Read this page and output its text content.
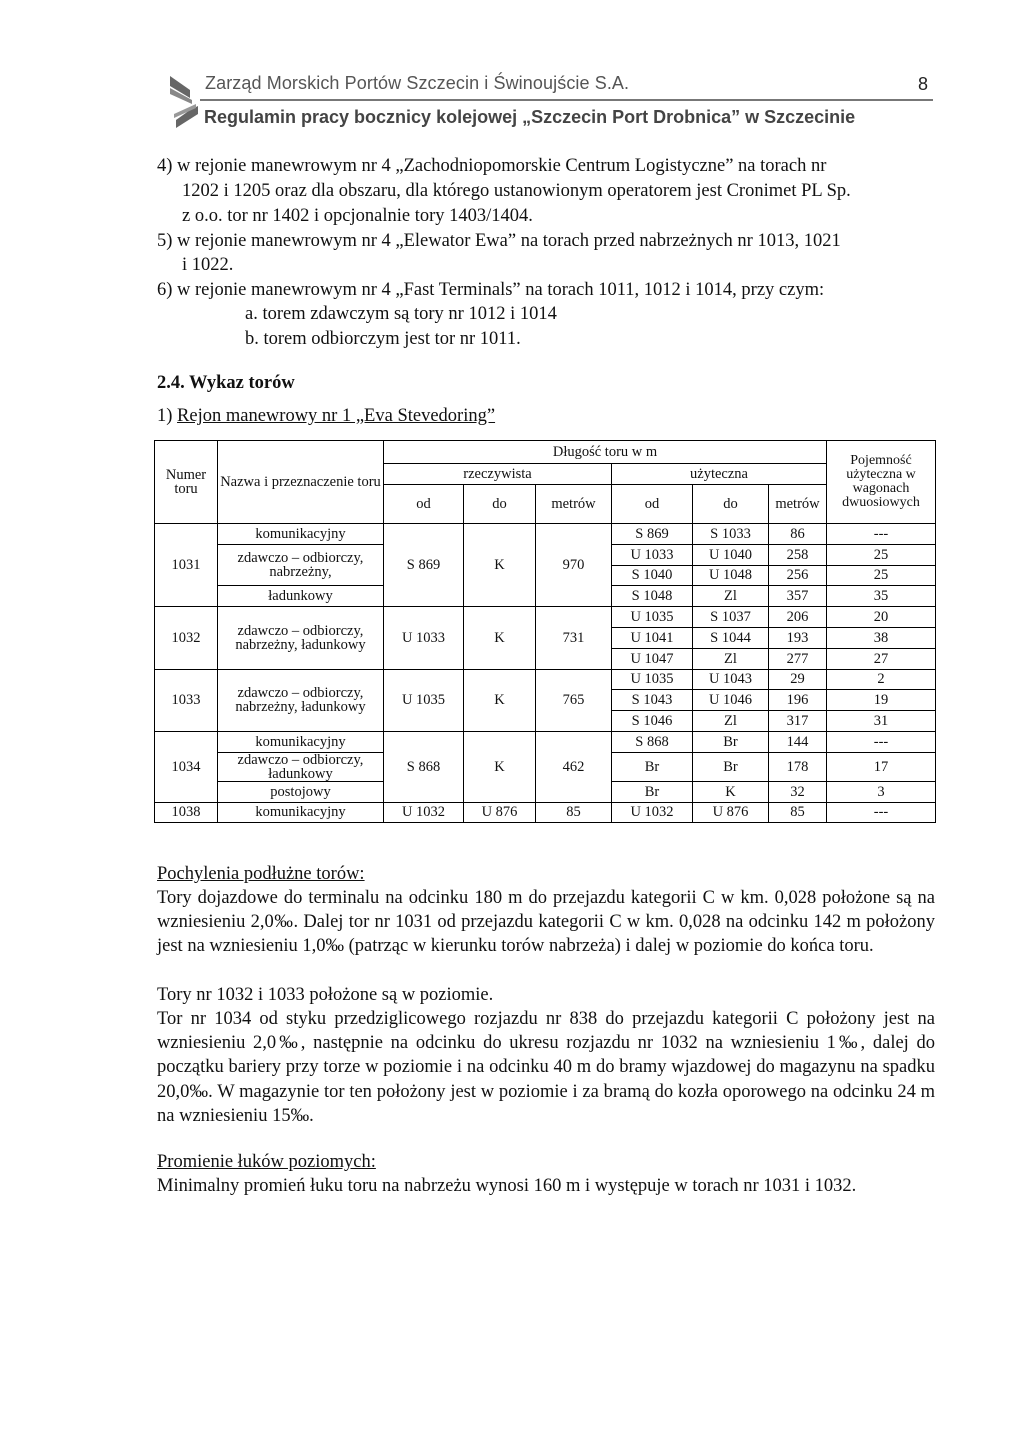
Zarząd Morskich Portów Szczecin i Świnoujście S.A.	8
Regulamin pracy bocznicy kolejowej „Szczecin Port Drobnica” w Szczecinie
4) w rejonie manewrowym nr 4 „Zachodniopomorskie Centrum Logistyczne” na torach nr
1202 i 1205 oraz dla obszaru, dla którego ustanowionym operatorem jest Cronimet PL Sp.
z o.o. tor nr 1402 i opcjonalnie tory 1403/1404.
5) w rejonie manewrowym nr 4 „Elewator Ewa” na torach przed nabrzeżnych nr 1013, 1021
i 1022.
6) w rejonie manewrowym nr 4 „Fast Terminals” na torach 1011, 1012 i 1014, przy czym:
a. torem zdawczym są tory nr 1012 i 1014
b. torem odbiorczym jest tor nr 1011.
2.4. Wykaz torów
1) Rejon manewrowy nr 1 „Eva Stevedoring”
Numer toru	Nazwa i przeznaczenie toru	Długość toru w m						Pojemność użyteczna w wagonach dwuosiowych
		rzeczywista			użyteczna			
		od	do	metrów	od	do	metrów	
1031	komunikacyjny	S 869	K	970	S 869	S 1033	86	---
	zdawczo – odbiorczy, nabrzeżny,				U 1033	U 1040	258	25
					S 1040	U 1048	256	25
	ładunkowy				S 1048	Zl	357	35
1032	zdawczo – odbiorczy, nabrzeżny, ładunkowy	U 1033	K	731	U 1035	S 1037	206	20
					U 1041	S 1044	193	38
					U 1047	Zl	277	27
1033	zdawczo – odbiorczy, nabrzeżny, ładunkowy	U 1035	K	765	U 1035	U 1043	29	2
					S 1043	U 1046	196	19
					S 1046	Zl	317	31
1034	komunikacyjny	S 868	K	462	S 868	Br	144	---
	zdawczo – odbiorczy, ładunkowy				Br	Br	178	17
	postojowy				Br	K	32	3
1038	komunikacyjny	U 1032	U 876	85	U 1032	U 876	85	---
Pochylenia podłużne torów:
Tory dojazdowe do terminalu na odcinku 180 m do przejazdu kategorii C w km. 0,028 położone są na wzniesieniu 2,0‰. Dalej tor nr 1031 od przejazdu kategorii C w km. 0,028 na odcinku 142 m położony jest na wzniesieniu 1,0‰ (patrząc w kierunku torów nabrzeża) i dalej w poziomie do końca toru.
Tory nr 1032 i 1033 położone są w poziomie.
Tor nr 1034 od styku przedziglicowego rozjazdu nr 838 do przejazdu kategorii C położony jest na wzniesieniu 2,0‰, następnie na odcinku do ukresu rozjazdu nr 1032 na wzniesieniu 1‰, dalej do początku bariery przy torze w poziomie i na odcinku 40 m do bramy wjazdowej do magazynu na spadku 20,0‰. W magazynie tor ten położony jest w poziomie i za bramą do kozła oporowego na odcinku 24 m na wzniesieniu 15‰.
Promienie łuków poziomych:
Minimalny promień łuku toru na nabrzeżu wynosi 160 m i występuje w torach nr 1031 i 1032.
